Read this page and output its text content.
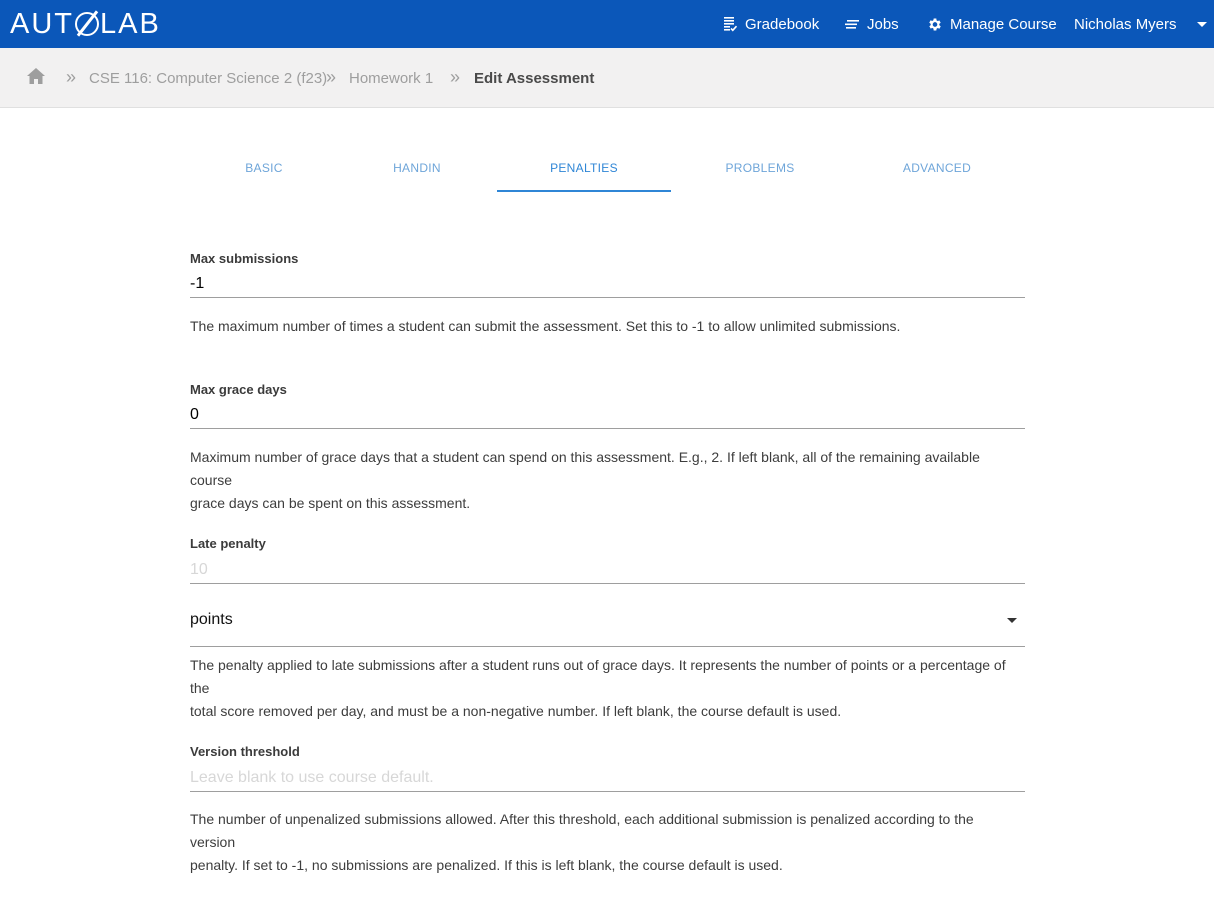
AUT LAB	Gradebook	Jobs	Manage Course Nicholas Myers
» CSE 116: Computer Science 2 (f23)
» Homework 1 » Edit Assessment
BASIC	HANDIN	PENALTIES	PROBLEMS	ADVANCED
Max submissions
-1
The maximum number of times a student can submit the assessment. Set this to -1 to allow unlimited submissions.
Max grace days
0
Maximum number of grace days that a student can spend on this assessment. E.g., 2. If left blank, all of the remaining available course
grace days can be spent on this assessment.
Late penalty
10
points
The penalty applied to late submissions after a student runs out of grace days. It represents the number of points or a percentage of the
total score removed per day, and must be a non-negative number. If left blank, the course default is used.
Version threshold
Leave blank to use course default.
The number of unpenalized submissions allowed. After this threshold, each additional submission is penalized according to the version
penalty. If set to -1, no submissions are penalized. If this is left blank, the course default is used.
